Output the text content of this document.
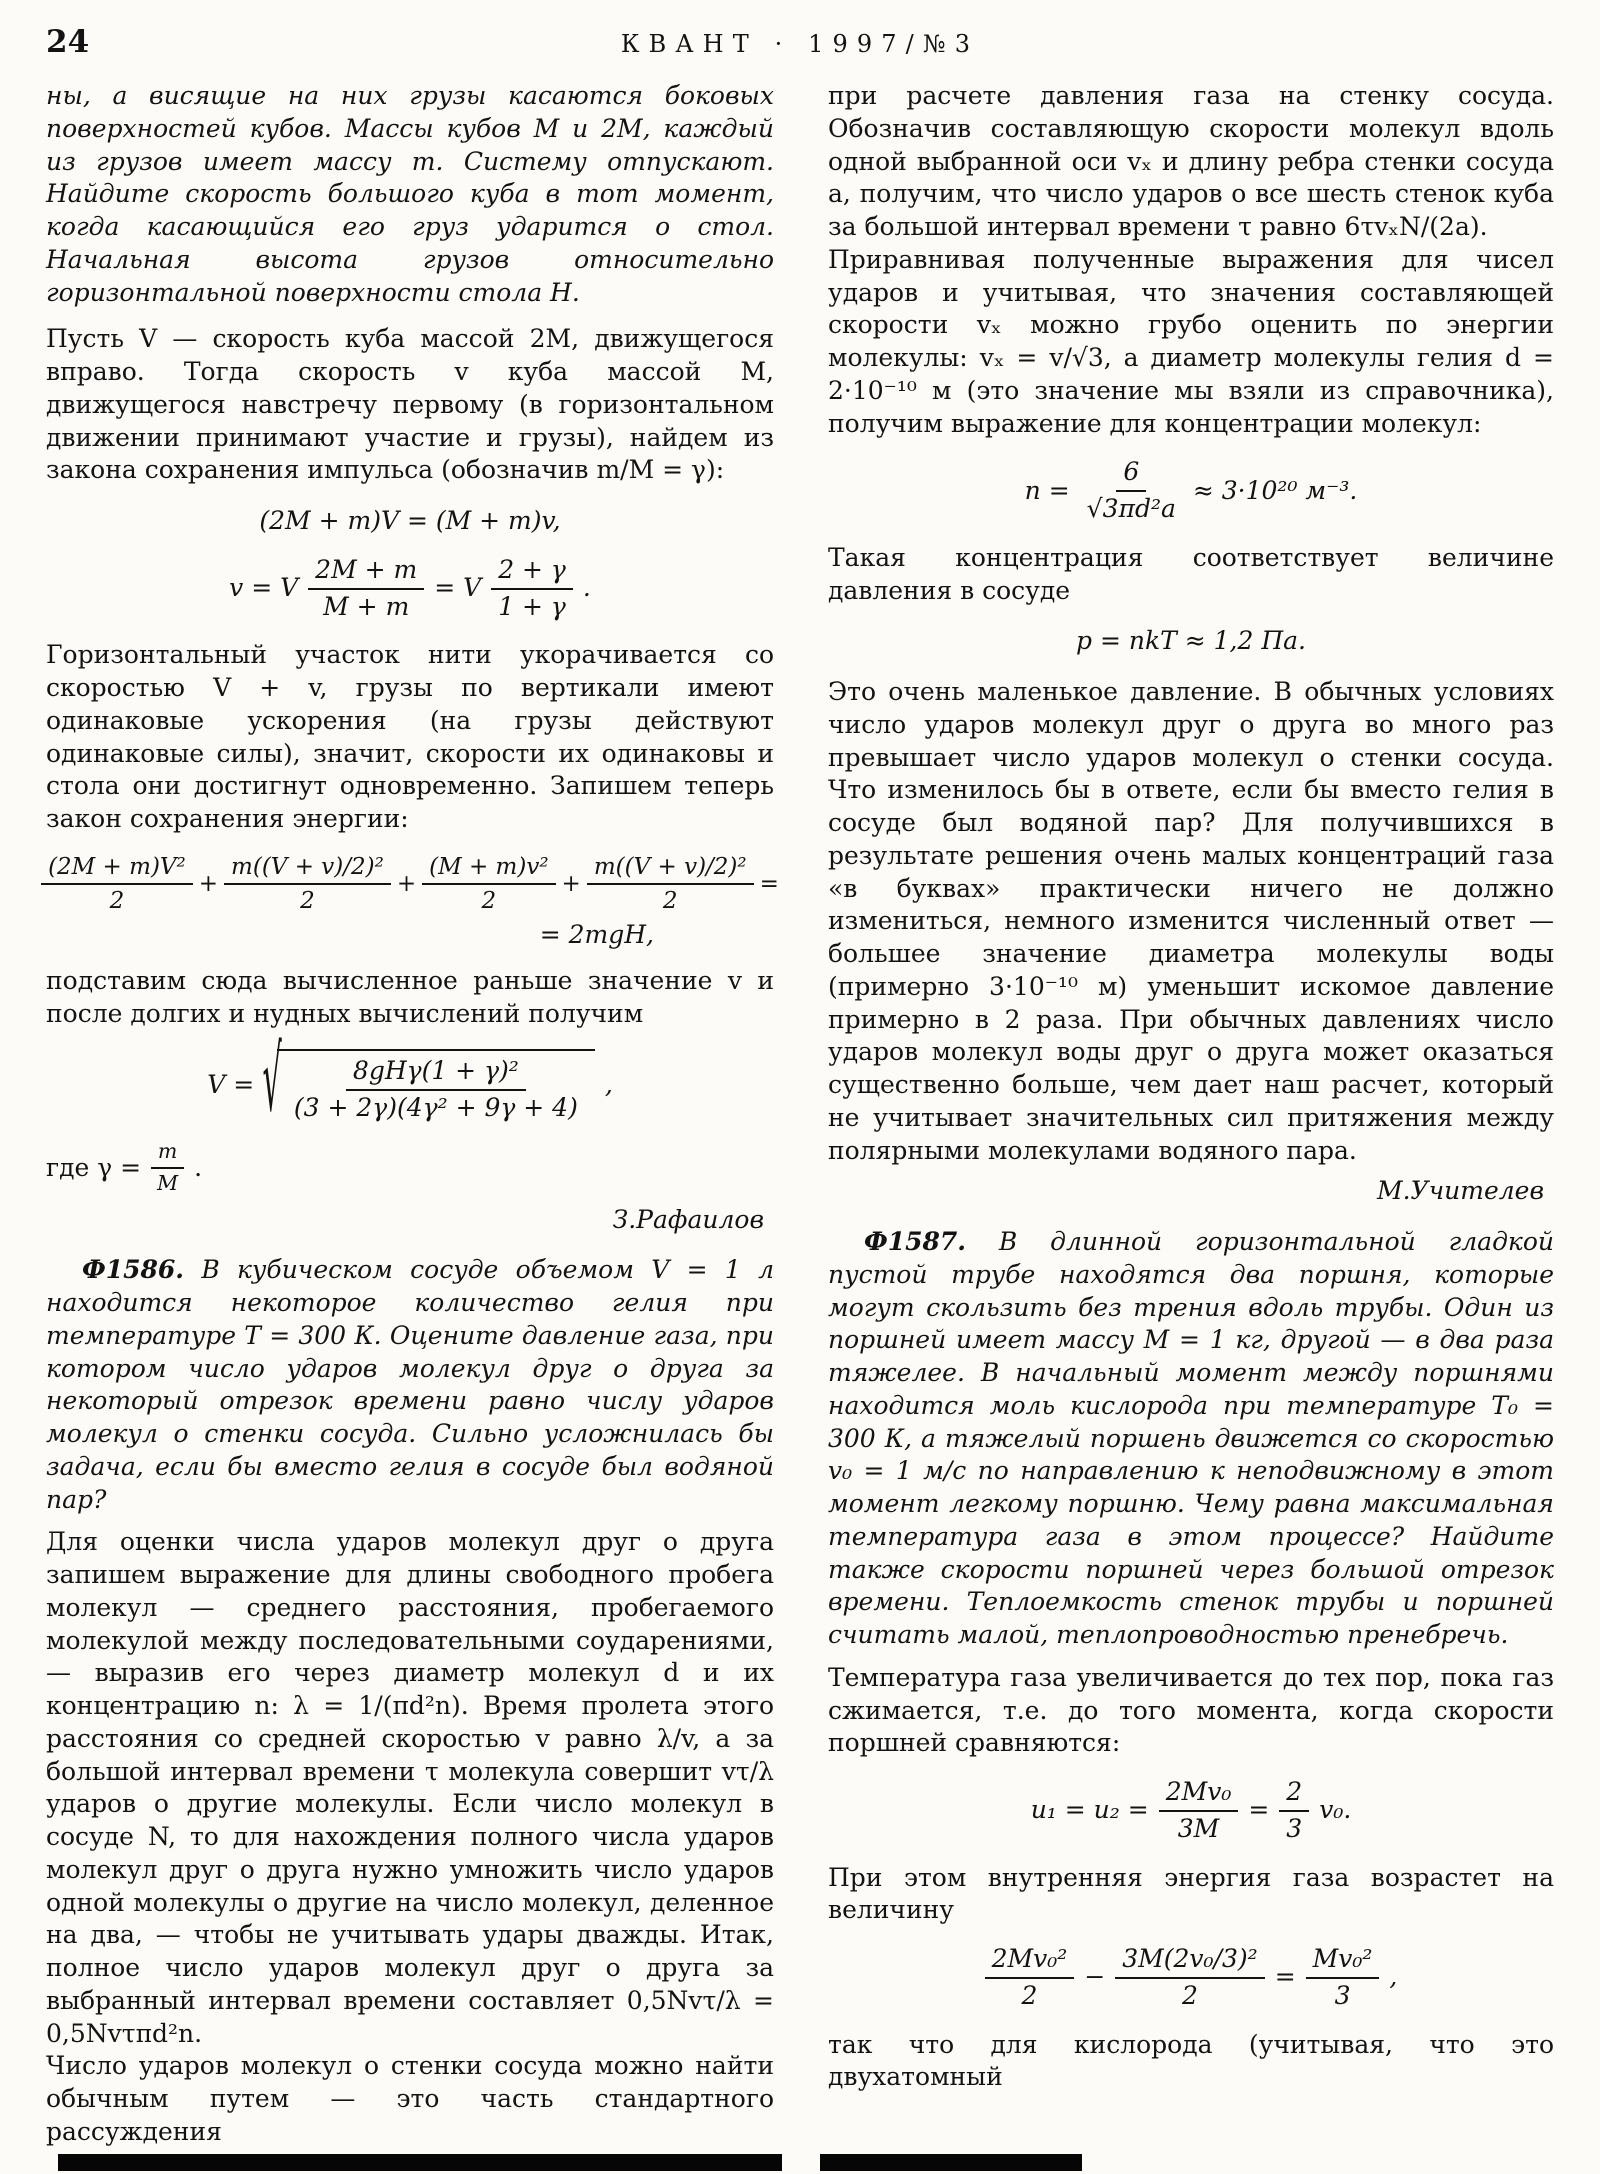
24	КВАНТ · 1997/№3

ны, а висящие на них грузы касаются боковых поверхностей кубов. Массы кубов М и 2М, каждый из грузов имеет массу m. Систему отпускают. Найдите скорость большого куба в тот момент, когда касающийся его груз ударится о стол. Начальная высота грузов относительно горизонтальной поверхности стола Н.

Пусть V — скорость куба массой 2М, движущегося вправо. Тогда скорость v куба массой М, движущегося навстречу первому (в горизонтальном движении принимают участие и грузы), найдем из закона сохранения импульса (обозначив m/M = γ):

(2M + m)V = (M + m)v,
v = V $\frac{2M + m}{M + m} = V \frac{2 + \gamma}{1 + \gamma}$ .

Горизонтальный участок нити укорачивается со скоростью V + v, грузы по вертикали имеют одинаковые ускорения (на грузы действуют одинаковые силы), значит, скорости их одинаковы и стола они достигнут одновременно. Запишем теперь закон сохранения энергии:

$\frac{\text{(2M + m)V²}}{2} + \frac{\text{m((V + v)/2)²}}{2} + \frac{\text{(M + m)v²}}{2} + \frac{\text{m((V + v)/2)²}}{2}$ =
= 2mgH,

подставим сюда вычисленное раньше значение v и после долгих и нудных вычислений получим

V = √ $\frac{\text{8gHγ(1 + γ)²}}{\text{(3 + 2γ)(4γ² + 9γ + 4)}}$ ,
где $\gamma = \frac{m}{M}$ .

З.Рафаилов

Ф1586. В кубическом сосуде объемом V = 1 л находится некоторое количество гелия при температуре Т = 300 К. Оцените давление газа, при котором число ударов молекул друг о друга за некоторый отрезок времени равно числу ударов молекул о стенки сосуда. Сильно усложнилась бы задача, если бы вместо гелия в сосуде был водяной пар?

Для оценки числа ударов молекул друг о друга запишем выражение для длины свободного пробега молекул — среднего расстояния, пробегаемого молекулой между последовательными соударениями, — выразив его через диаметр молекул d и их концентрацию n: λ = 1/(πd²n). Время пролета этого расстояния со средней скоростью v равно λ/v, а за большой интервал времени τ молекула совершит vτ/λ ударов о другие молекулы. Если число молекул в сосуде N, то для нахождения полного числа ударов молекул друг о друга нужно умножить число ударов одной молекулы о другие на число молекул, деленное на два, — чтобы не учитывать удары дважды. Итак, полное число ударов молекул друг о друга за выбранный интервал времени составляет 0,5Nvτ/λ = 0,5Nvτπd²n.

Число ударов молекул о стенки сосуда можно найти обычным путем — это часть стандартного рассуждения

при расчете давления газа на стенку сосуда. Обозначив составляющую скорости молекул вдоль одной выбранной оси vₓ и длину ребра стенки сосуда a, получим, что число ударов о все шесть стенок куба за большой интервал времени τ равно 6τvₓN/(2a).

Приравнивая полученные выражения для чисел ударов и учитывая, что значения составляющей скорости vₓ можно грубо оценить по энергии молекулы: vₓ = v/√3, а диаметр молекулы гелия d = 2·10⁻¹⁰ м (это значение мы взяли из справочника), получим выражение для концентрации молекул:

$n = \frac{6}{\text{√3πd²a}} \approx 3\cdot 10^{20}$ м⁻³.

Такая концентрация соответствует величине давления в сосуде

p = nkT ≈ 1,2 Па.

Это очень маленькое давление. В обычных условиях число ударов молекул друг о друга во много раз превышает число ударов молекул о стенки сосуда. Что изменилось бы в ответе, если бы вместо гелия в сосуде был водяной пар? Для получившихся в результате решения очень малых концентраций газа «в буквах» практически ничего не должно измениться, немного изменится численный ответ — большее значение диаметра молекулы воды (примерно 3·10⁻¹⁰ м) уменьшит искомое давление примерно в 2 раза. При обычных давлениях число ударов молекул воды друг о друга может оказаться существенно больше, чем дает наш расчет, который не учитывает значительных сил притяжения между полярными молекулами водяного пара.

М.Учителев

Ф1587. В длинной горизонтальной гладкой пустой трубе находятся два поршня, которые могут скользить без трения вдоль трубы. Один из поршней имеет массу М = 1 кг, другой — в два раза тяжелее. В начальный момент между поршнями находится моль кислорода при температуре Т₀ = 300 К, а тяжелый поршень движется со скоростью v₀ = 1 м/с по направлению к неподвижному в этот момент легкому поршню. Чему равна максимальная температура газа в этом процессе? Найдите также скорости поршней через большой отрезок времени. Теплоемкость стенок трубы и поршней считать малой, теплопроводностью пренебречь.

Температура газа увеличивается до тех пор, пока газ сжимается, т.е. до того момента, когда скорости поршней сравняются:

$u_1 = u_2 = \frac{\text{2Mv₀}}{3M} = \frac{2}{3} v_0$.

При этом внутренняя энергия газа возрастет на величину

$\frac{\text{2Mv₀²}}{2} - \frac{\text{3M(2v₀/3)²}}{2} = \frac{\text{Mv₀²}}{3}$ ,

так что для кислорода (учитывая, что это двухатомный
